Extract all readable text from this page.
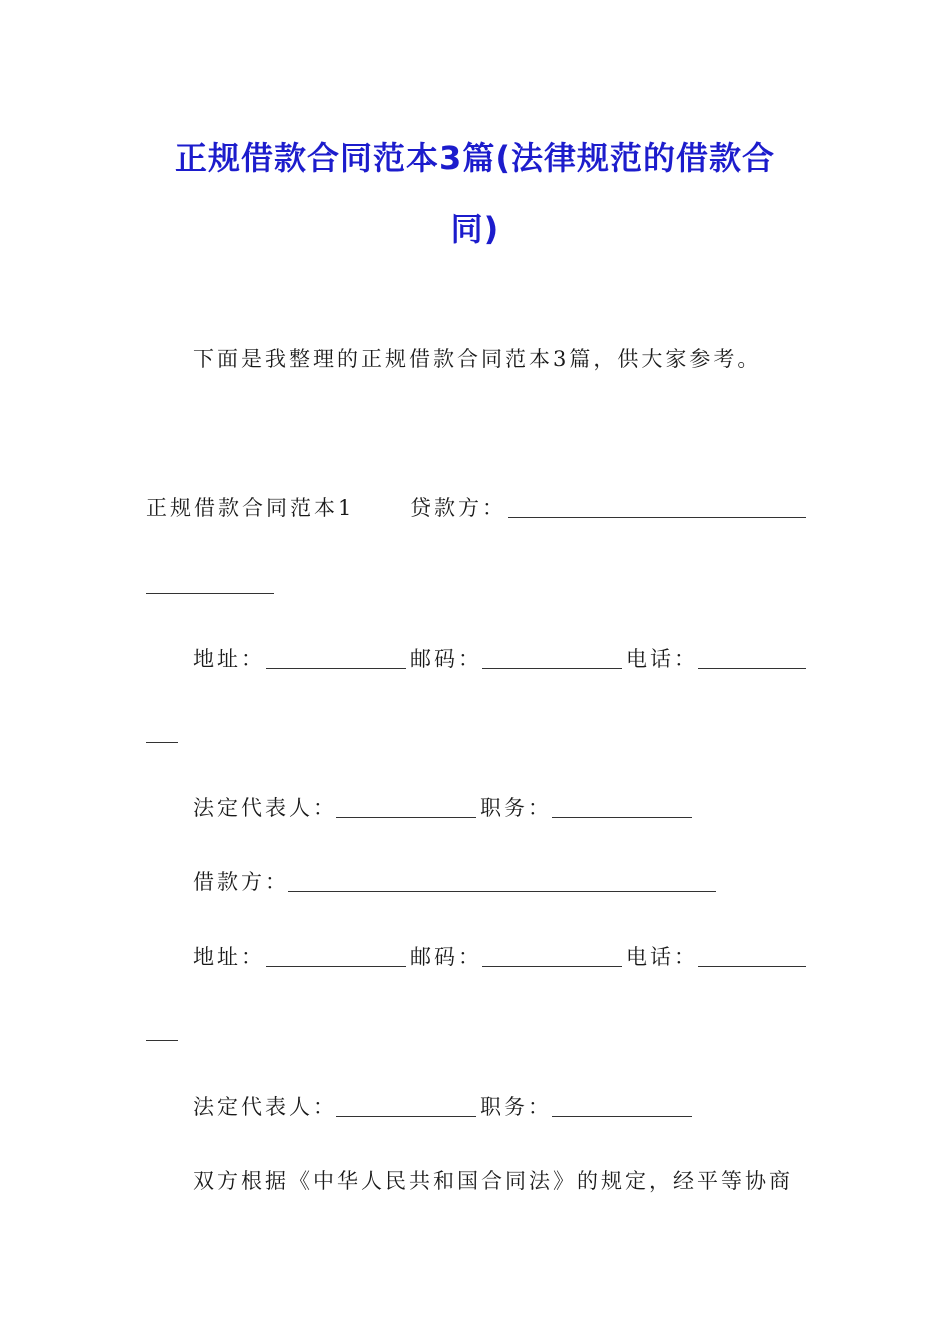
正规借款合同范本3篇(法律规范的借款合
同)
下面是我整理的正规借款合同范本3篇，供大家参考。
正规借款合同范本1	贷款方：
地址：	邮码：	电话：
法定代表人：	职务：
借款方：
地址：	邮码：	电话：
法定代表人：	职务：
双方根据《中华人民共和国合同法》的规定，经平等协商
